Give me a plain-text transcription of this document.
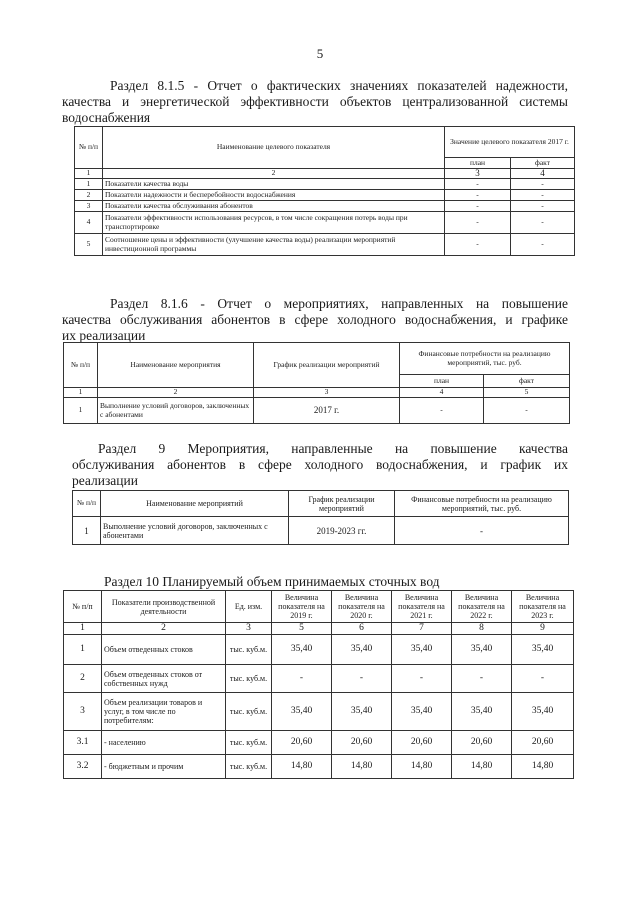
5
Раздел 8.1.5 - Отчет о фактических значениях показателей надежности,
качества и энергетической эффективности объектов централизованной системы

водоснабжения
№ п/п	Наименование целевого показателя	Значение целевого показателя 2017 г.	
		план	факт
1	2	3	4
1	Показатели качества воды	-	-
2	Показатели надежности и бесперебойности водоснабжения	-	-
3	Показатели качества обслуживания абонентов	-	-
4	Показатели эффективности использования ресурсов, в том числе сокращения потерь воды при транспортировке	-	-
5	Соотношение цены и эффективности (улучшение качества воды) реализации мероприятий инвестиционной программы	-	-
Раздел 8.1.6 - Отчет о мероприятиях, направленных на повышение
качества обслуживания абонентов в сфере холодного водоснабжения, и графике

их реализации
№ п/п	Наименование мероприятия	График реализации мероприятий	Финансовые потребности на реализацию мероприятий, тыс. руб.	
			план	факт
1	2	3	4	5
1	Выполнение условий договоров, заключенных с абонентами	2017 г.	-	-
Раздел 9 Мероприятия, направленные на повышение качества
обслуживания абонентов в сфере холодного водоснабжения, и график их

реализации
№ п/п	Наименование мероприятий	График реализации мероприятий	Финансовые потребности на реализацию мероприятий, тыс. руб.
1	Выполнение условий договоров, заключенных с абонентами	2019-2023 гг.	-
Раздел 10 Планируемый объем принимаемых сточных вод
№ п/п	Показатели производственной деятельности	Ед. изм.	Величина показателя на 2019 г.	Величина показателя на 2020 г.	Величина показателя на 2021 г.	Величина показателя на 2022 г.	Величина показателя на 2023 г.
1	2	3	5	6	7	8	9
1	Объем отведенных стоков	тыс. куб.м.	35,40	35,40	35,40	35,40	35,40
2	Объем отведенных стоков от собственных нужд	тыс. куб.м.	-	-	-	-	-
3	Объем реализации товаров и услуг, в том числе по потребителям:	тыс. куб.м.	35,40	35,40	35,40	35,40	35,40
3.1	- населению	тыс. куб.м.	20,60	20,60	20,60	20,60	20,60
3.2	- бюджетным и прочим	тыс. куб.м.	14,80	14,80	14,80	14,80	14,80
